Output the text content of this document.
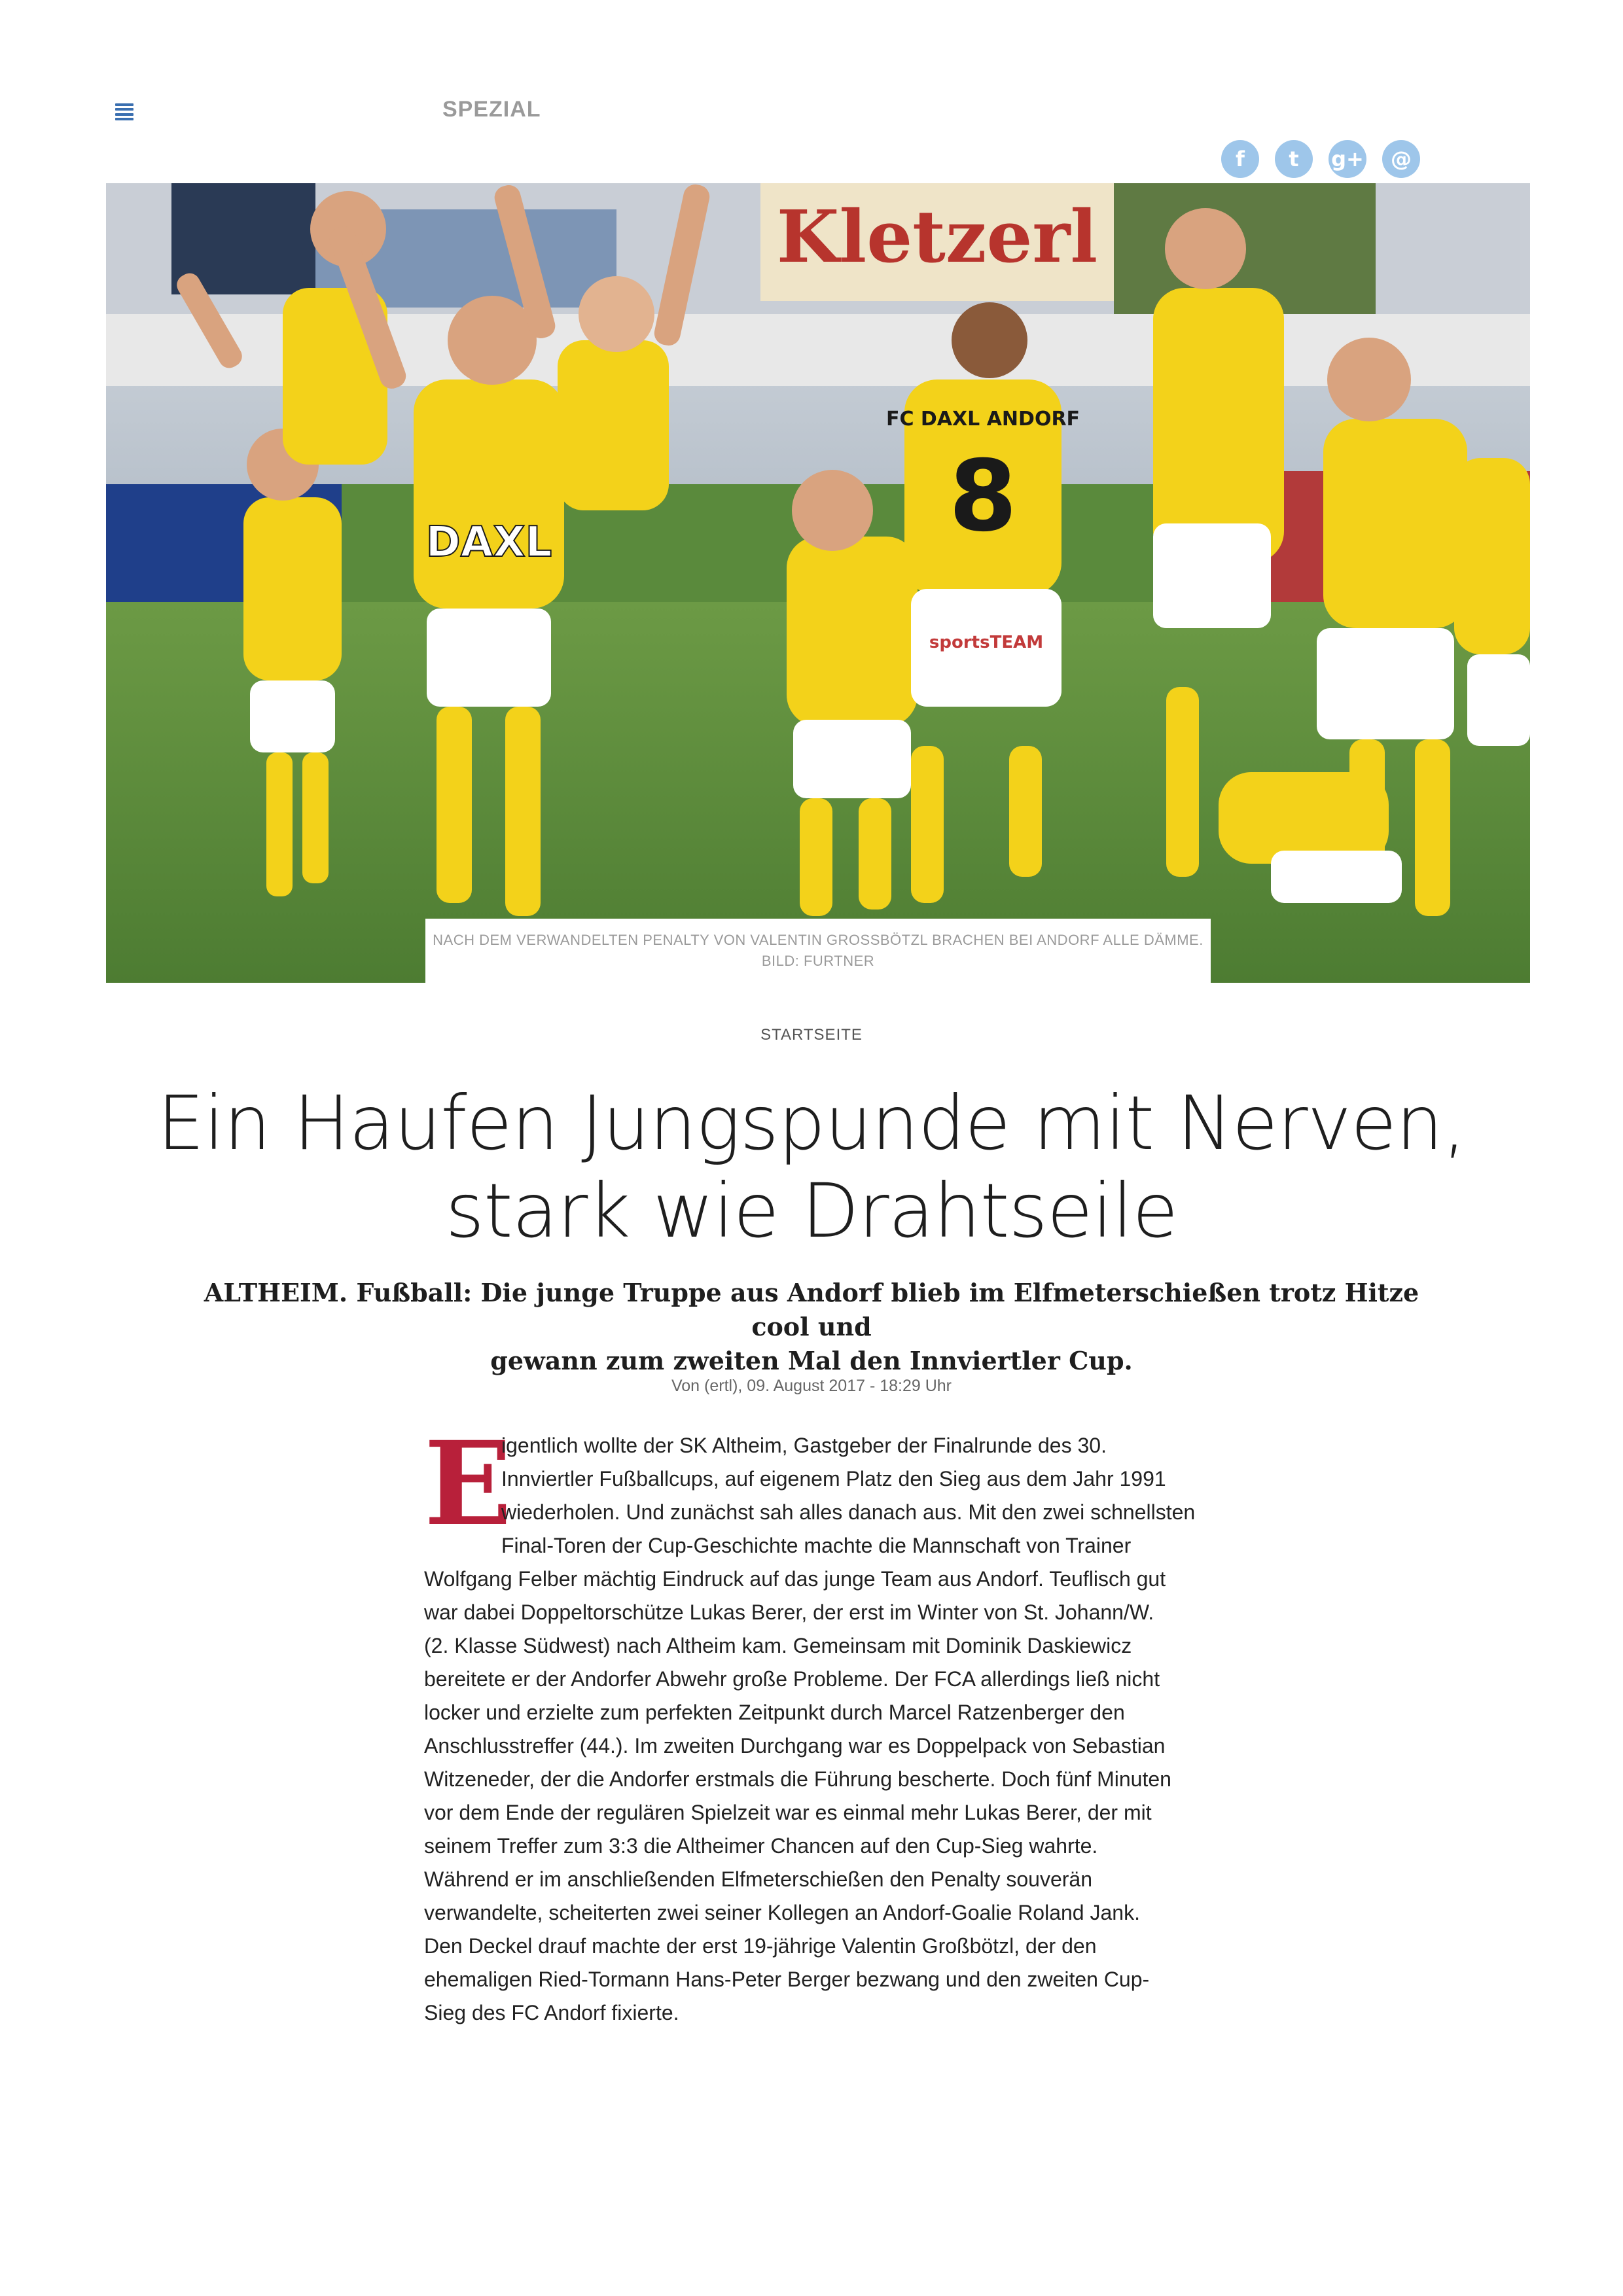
SPEZIAL
f	t	g+	@
Kletzerl
DAXL
FC DAXL ANDORF
8
sportsTEAM
NACH DEM VERWANDELTEN PENALTY VON VALENTIN GROSSBÖTZL BRACHEN BEI ANDORF ALLE DÄMME.
BILD: FURTNER
STARTSEITE
Ein Haufen Jungspunde mit Nerven,
stark wie Drahtseile

ALTHEIM. Fußball: Die junge Truppe aus Andorf blieb im Elfmeterschießen trotz Hitze cool und
gewann zum zweiten Mal den Innviertler Cup.

Von (ertl), 09. August 2017 - 18:29 Uhr
E
igentlich wollte der SK Altheim, Gastgeber der Finalrunde des 30.
Innviertler Fußballcups, auf eigenem Platz den Sieg aus dem Jahr 1991
wiederholen. Und zunächst sah alles danach aus. Mit den zwei schnellsten
Final-Toren der Cup-Geschichte machte die Mannschaft von Trainer
Wolfgang Felber mächtig Eindruck auf das junge Team aus Andorf. Teuflisch gut
war dabei Doppeltorschütze Lukas Berer, der erst im Winter von St. Johann/W.
(2. Klasse Südwest) nach Altheim kam. Gemeinsam mit Dominik Daskiewicz
bereitete er der Andorfer Abwehr große Probleme. Der FCA allerdings ließ nicht
locker und erzielte zum perfekten Zeitpunkt durch Marcel Ratzenberger den
Anschlusstreffer (44.). Im zweiten Durchgang war es Doppelpack von Sebastian
Witzeneder, der die Andorfer erstmals die Führung bescherte. Doch fünf Minuten
vor dem Ende der regulären Spielzeit war es einmal mehr Lukas Berer, der mit
seinem Treffer zum 3:3 die Altheimer Chancen auf den Cup-Sieg wahrte.
Während er im anschließenden Elfmeterschießen den Penalty souverän
verwandelte, scheiterten zwei seiner Kollegen an Andorf-Goalie Roland Jank.
Den Deckel drauf machte der erst 19-jährige Valentin Großbötzl, der den
ehemaligen Ried-Tormann Hans-Peter Berger bezwang und den zweiten Cup-
Sieg des FC Andorf fixierte.
